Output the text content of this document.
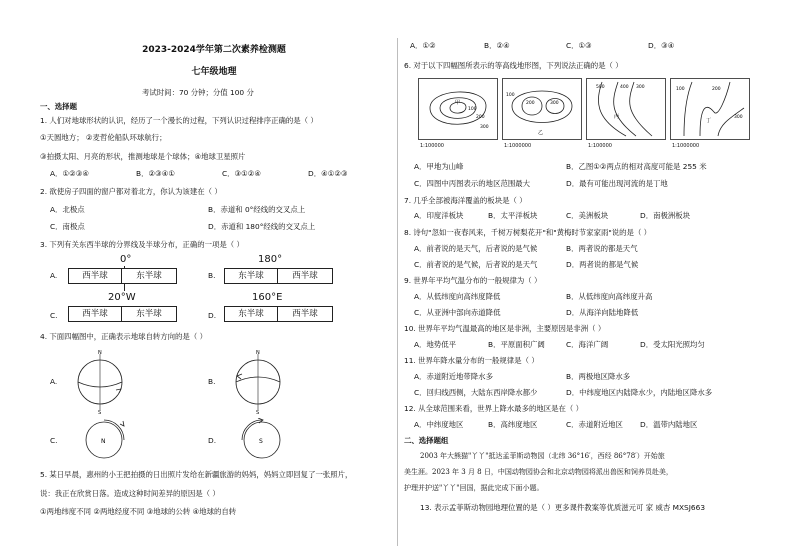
2023-2024学年第二次素养检测题
七年级地理
考试时间：70 分钟；分值 100 分
一、选择题
1. 人们对地球形状的认识，经历了一个漫长的过程，下列认识过程排序正确的是（ ）
①天圆地方； ②麦哲伦船队环球航行；
③拍摄太阳、月亮的形状，推测地球是个球体；④地球卫星照片
A．①②③④	B．②③④①	C．③①②④	D．④①②③
2. 欲使房子四面的窗户都对着北方，你认为该建在（ ）
A．北极点	B．赤道和 0°经线的交叉点上
C．南极点	D．赤道和 180°经线的交叉点上
3. 下列有关东西半球的分界线及半球分布，正确的一项是（ ）
A.
0°
西半球	东半球	B.
180°
东半球	西半球
C.
20°W
西半球	东半球	D.
160°E
东半球	西半球
4. 下面四幅图中，正确表示地球自转方向的是（ ）
A.
N
S
B.
N
S
C.	N	D.	S
5. 某日早晨，惠州的小王把拍摄的日出照片发给在新疆旅游的妈妈，妈妈立即回复了一张照片，
说：我正在欣赏日落。造成这种时间差异的原因是（ ）
①两地纬度不同 ②两地经度不同 ③地球的公转 ④地球的自转
A．①②	B．②④	C．①③	D．③④
6. 对于以下四幅图所表示的等高线地形图，下列说法正确的是（ ）
甲
100
200
300
1:100000
100
200	300
乙
1:1000000
500	400 300
丙
1:100000
100	200
300
丁
1:1000000
A．甲地为山峰	B．乙图①②两点的相对高度可能是 255 米
C．四图中丙图表示的地区范围最大	D．最有可能出现河流的是丁地
7. 几乎全部被海洋覆盖的板块是（ ）
A．印度洋板块	B．太平洋板块	C．美洲板块	D．南极洲板块
8. 诗句"忽如一夜春风来，千树万树梨花开"和"黄梅时节家家雨"说的是（ ）
A．前者说的是天气，后者说的是气候	B．两者说的都是天气
C．前者说的是气候，后者说的是天气	D．两者说的都是气候
9. 世界年平均气温分布的一般规律为（ ）
A．从低纬度向高纬度降低	B．从低纬度向高纬度升高
C．从亚洲中部向赤道降低	D．从海洋向陆地降低
10. 世界年平均气温最高的地区是非洲，主要原因是非洲（ ）
A．地势低平	B．平原面积广阔	C．海洋广阔	D．受太阳光照均匀
11. 世界年降水量分布的一般规律是（ ）
A．赤道附近地带降水多	B．两极地区降水多
C．回归线西侧，大陆东西岸降水都少	D．中纬度地区内陆降水少，内陆地区降水多
12. 从全球范围来看，世界上降水最多的地区是在（ ）
A．中纬度地区	B．高纬度地区	C．赤道附近地区 D．温带内陆地区
二、选择题组
2003 年大熊猫"丫丫"抵达孟菲斯动物园（北纬 36°16′，西经 86°78′）开始旅
美生涯。2023 年 3 月 8 日，中国动物园协会和北京动物园将派出兽医和饲养员赴美，
护理并护送"丫丫"回国，据此完成下面小题。
13. 表示孟菲斯动物园地理位置的是（ ）更多课件教案等优质滋元可 家 威杏 MXSJ663
